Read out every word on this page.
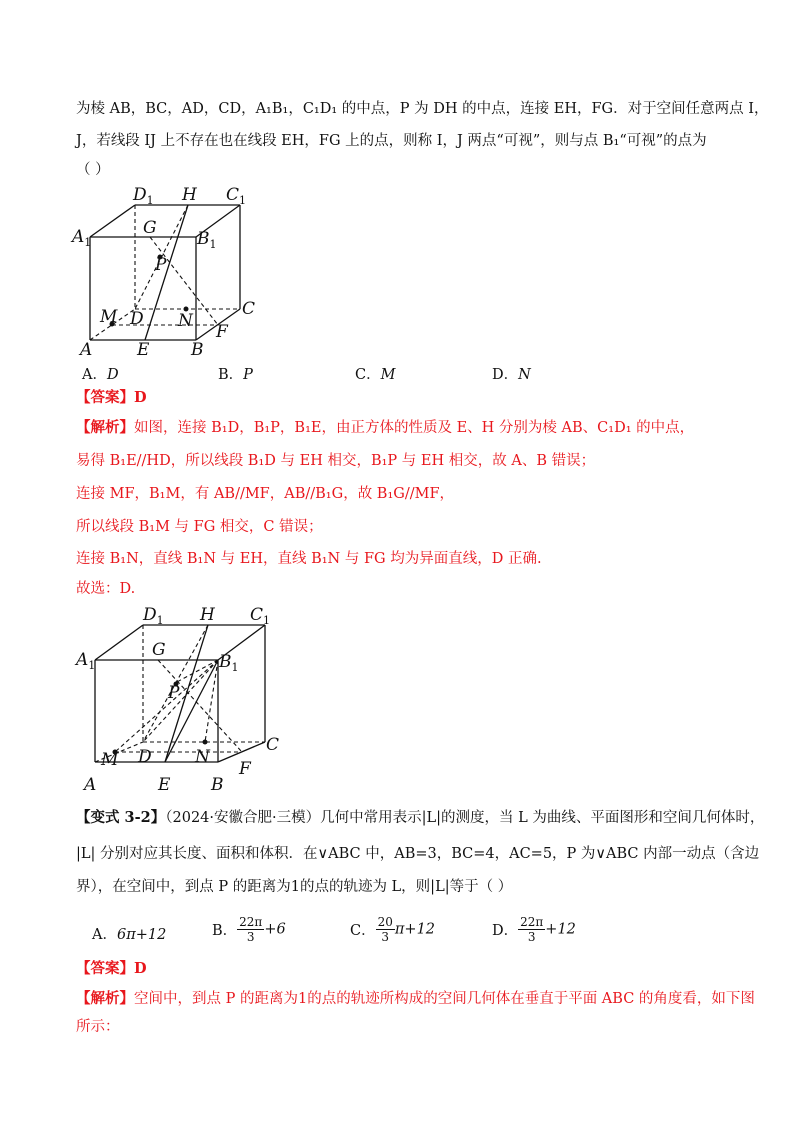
为棱 AB，BC，AD，CD，A₁B₁，C₁D₁ 的中点，P 为 DH 的中点，连接 EH，FG．对于空间任意两点 I，
J，若线段 IJ 上不存在也在线段 EH，FG 上的点，则称 I，J 两点“可视”，则与点 B₁“可视”的点为
（ ）
$D_1$ H $C_1$
$A_1$
G
$B_1$
P
M D N
C
F
A	E B
A．D	B．P	C．M	D．N
【答案】D
【解析】如图，连接 B₁D，B₁P，B₁E，由正方体的性质及 E、H 分别为棱 AB、C₁D₁ 的中点，
易得 B₁E//HD，所以线段 B₁D 与 EH 相交，B₁P 与 EH 相交，故 A、B 错误；
连接 MF，B₁M，有 AB//MF，AB//B₁G，故 B₁G//MF，
所以线段 B₁M 与 FG 相交，C 错误；
连接 B₁N，直线 B₁N 与 EH，直线 B₁N 与 FG 均为异面直线，D 正确.
故选：D.
$D_1$ H $C_1$
$A_1$
G
$B_1$
P
M D	N
C
F
A	E B
【变式 3-2】（2024·安徽合肥·三模）几何中常用表示|L|的测度，当 L 为曲线、平面图形和空间几何体时，
|L| 分别对应其长度、面积和体积．在∨ABC 中，AB=3，BC=4，AC=5，P 为∨ABC 内部一动点（含边
界），在空间中，到点 P 的距离为1的点的轨迹为 L，则|L|等于（ ）
A．6π+12	B． $\frac{22\pi}{3} +6$	C． $\frac{20}{3} \pi+12$	D． $\frac{22\pi}{3} +12$
【答案】D
【解析】空间中，到点 P 的距离为1的点的轨迹所构成的空间几何体在垂直于平面 ABC 的角度看，如下图
所示：
